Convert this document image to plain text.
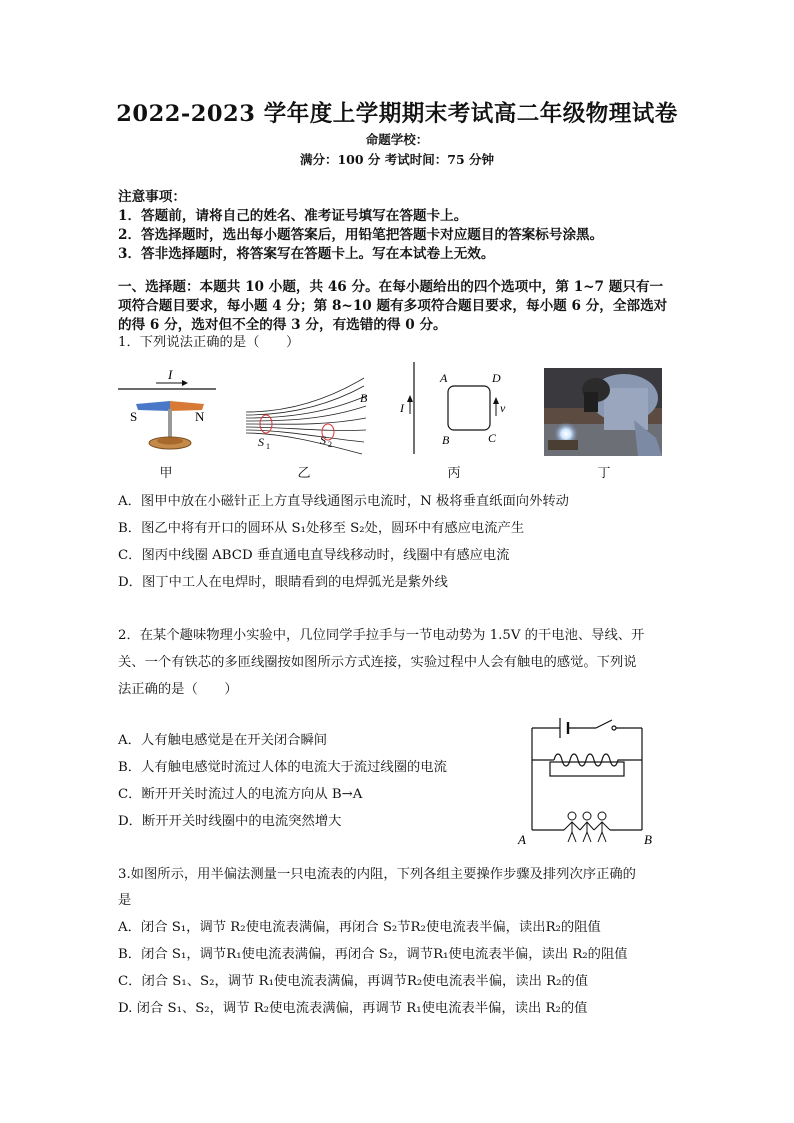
2022-2023 学年度上学期期末考试高二年级物理试卷
命题学校：
满分：100 分 考试时间：75 分钟
注意事项：
1．答题前，请将自己的姓名、准考证号填写在答题卡上。
2．答选择题时，选出每小题答案后，用铅笔把答题卡对应题目的答案标号涂黑。
3．答非选择题时，将答案写在答题卡上。写在本试卷上无效。
一、选择题：本题共 10 小题，共 46 分。在每小题给出的四个选项中，第 1~7 题只有一
项符合题目要求，每小题 4 分；第 8~10 题有多项符合题目要求，每小题 6 分，全部选对
的得 6 分，选对但不全的得 3 分，有选错的得 0 分。
1．下列说法正确的是（　　）
I
S	N
甲
B
S 1	S 2
乙
I
A	D
B	C
v
丙	丁
A．图甲中放在小磁针正上方直导线通图示电流时，N 极将垂直纸面向外转动
B．图乙中将有开口的圆环从 S₁处移至 S₂处，圆环中有感应电流产生
C．图丙中线圈 ABCD 垂直通电直导线移动时，线圈中有感应电流
D．图丁中工人在电焊时，眼睛看到的电焊弧光是紫外线
2．在某个趣味物理小实验中，几位同学手拉手与一节电动势为 1.5V 的干电池、导线、开
关、一个有铁芯的多匝线圈按如图所示方式连接，实验过程中人会有触电的感觉。下列说
法正确的是（　　）
A．人有触电感觉是在开关闭合瞬间
B．人有触电感觉时流过人体的电流大于流过线圈的电流
C．断开开关时流过人的电流方向从 B→A
D．断开开关时线圈中的电流突然增大
A	B
3.如图所示，用半偏法测量一只电流表的内阻，下列各组主要操作步骤及排列次序正确的
是
A．闭合 S₁，调节 R₂使电流表满偏，再闭合 S₂节R₂使电流表半偏，读出R₂的阻值
B．闭合 S₁，调节R₁使电流表满偏，再闭合 S₂，调节R₁使电流表半偏，读出 R₂的阻值
C．闭合 S₁、S₂，调节 R₁使电流表满偏，再调节R₂使电流表半偏，读出 R₂的值
D. 闭合 S₁、S₂，调节 R₂使电流表满偏，再调节 R₁使电流表半偏，读出 R₂的值
